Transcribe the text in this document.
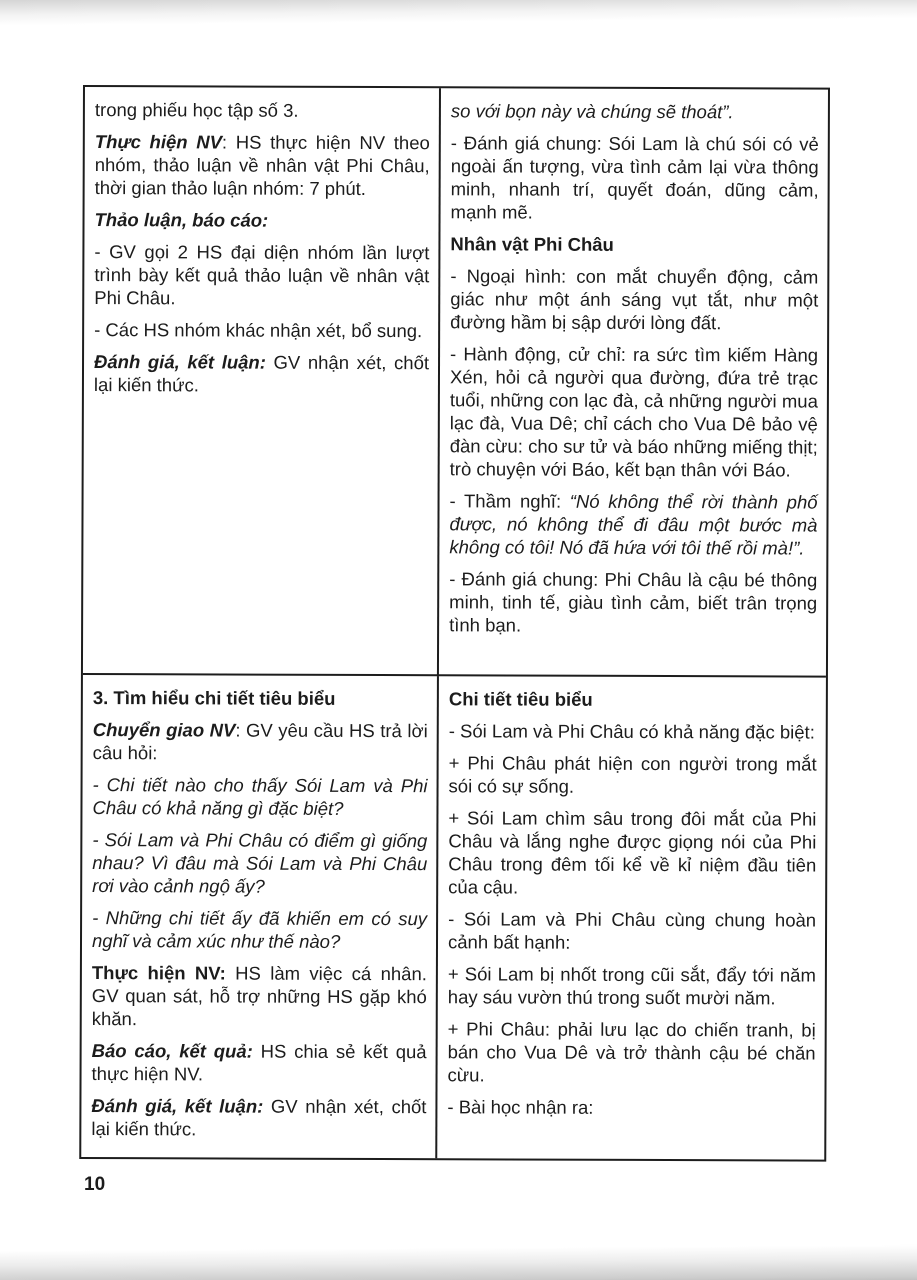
trong phiếu học tập số 3.

Thực hiện NV: HS thực hiện NV theo nhóm, thảo luận về nhân vật Phi Châu, thời gian thảo luận nhóm: 7 phút.

Thảo luận, báo cáo:

- GV gọi 2 HS đại diện nhóm lần lượt trình bày kết quả thảo luận về nhân vật Phi Châu.

- Các HS nhóm khác nhận xét, bổ sung.

Đánh giá, kết luận: GV nhận xét, chốt lại kiến thức.

so với bọn này và chúng sẽ thoát”.

- Đánh giá chung: Sói Lam là chú sói có vẻ ngoài ấn tượng, vừa tình cảm lại vừa thông minh, nhanh trí, quyết đoán, dũng cảm, mạnh mẽ.

Nhân vật Phi Châu

- Ngoại hình: con mắt chuyển động, cảm giác như một ánh sáng vụt tắt, như một đường hầm bị sập dưới lòng đất.

- Hành động, cử chỉ: ra sức tìm kiếm Hàng Xén, hỏi cả người qua đường, đứa trẻ trạc tuổi, những con lạc đà, cả những người mua lạc đà, Vua Dê; chỉ cách cho Vua Dê bảo vệ đàn cừu: cho sư tử và báo những miếng thịt; trò chuyện với Báo, kết bạn thân với Báo.

- Thầm nghĩ: “Nó không thể rời thành phố được, nó không thể đi đâu một bước mà không có tôi! Nó đã hứa với tôi thế rồi mà!”.

- Đánh giá chung: Phi Châu là cậu bé thông minh, tinh tế, giàu tình cảm, biết trân trọng tình bạn.

3. Tìm hiểu chi tiết tiêu biểu

Chuyển giao NV: GV yêu cầu HS trả lời câu hỏi:

- Chi tiết nào cho thấy Sói Lam và Phi Châu có khả năng gì đặc biệt?

- Sói Lam và Phi Châu có điểm gì giống nhau? Vì đâu mà Sói Lam và Phi Châu rơi vào cảnh ngộ ấy?

- Những chi tiết ấy đã khiến em có suy nghĩ và cảm xúc như thế nào?

Thực hiện NV: HS làm việc cá nhân. GV quan sát, hỗ trợ những HS gặp khó khăn.

Báo cáo, kết quả: HS chia sẻ kết quả thực hiện NV.

Đánh giá, kết luận: GV nhận xét, chốt lại kiến thức.

Chi tiết tiêu biểu

- Sói Lam và Phi Châu có khả năng đặc biệt:

+ Phi Châu phát hiện con người trong mắt sói có sự sống.

+ Sói Lam chìm sâu trong đôi mắt của Phi Châu và lắng nghe được giọng nói của Phi Châu trong đêm tối kể về kỉ niệm đầu tiên của cậu.

- Sói Lam và Phi Châu cùng chung hoàn cảnh bất hạnh:

+ Sói Lam bị nhốt trong cũi sắt, đẩy tới năm hay sáu vườn thú trong suốt mười năm.

+ Phi Châu: phải lưu lạc do chiến tranh, bị bán cho Vua Dê và trở thành cậu bé chăn cừu.

- Bài học nhận ra:

10
